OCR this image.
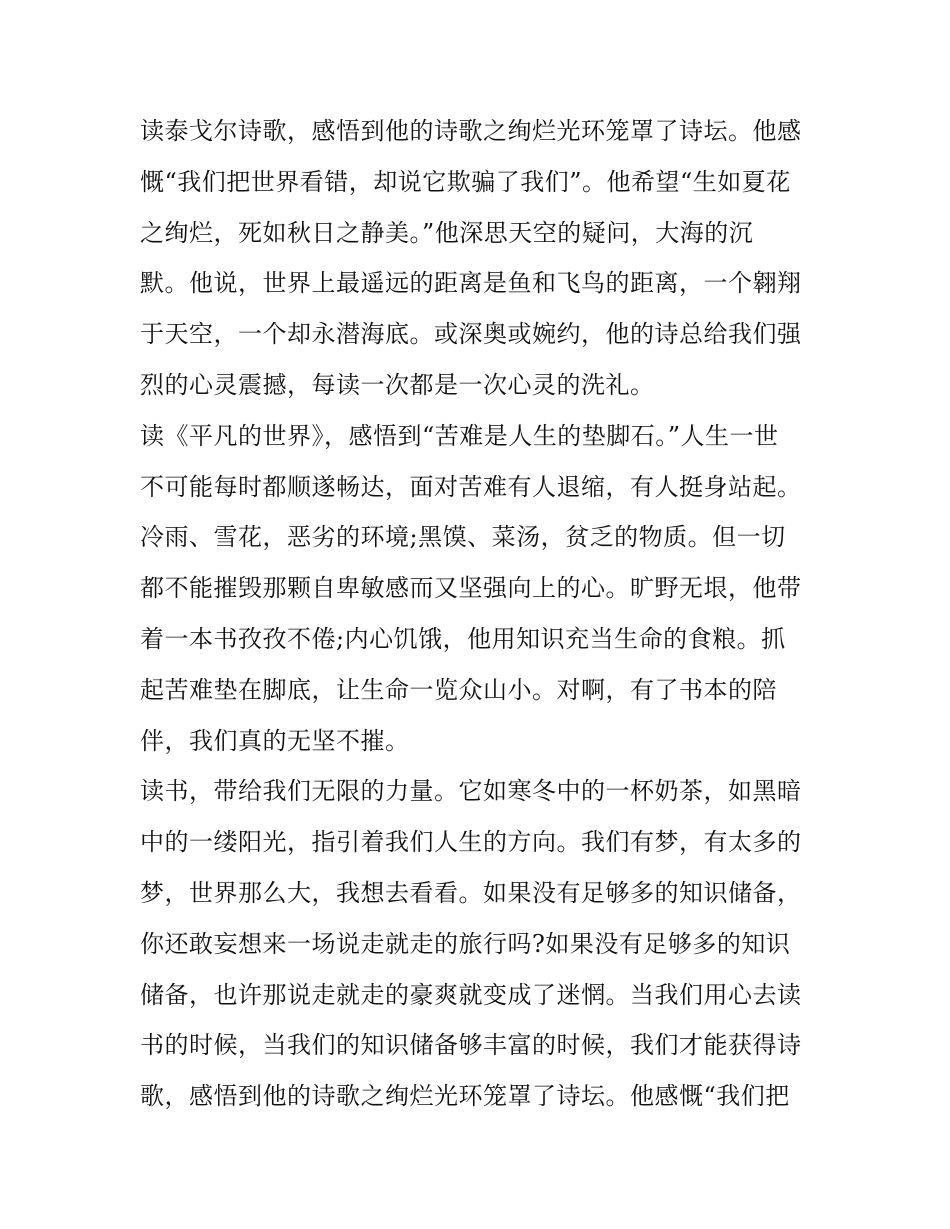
读泰戈尔诗歌，感悟到他的诗歌之绚烂光环笼罩了诗坛。他感
慨“我们把世界看错，却说它欺骗了我们”。他希望“生如夏花
之绚烂，死如秋日之静美。”他深思天空的疑问，大海的沉
默。他说，世界上最遥远的距离是鱼和飞鸟的距离，一个翱翔
于天空，一个却永潜海底。或深奥或婉约，他的诗总给我们强
烈的心灵震撼，每读一次都是一次心灵的洗礼。
读《平凡的世界》，感悟到“苦难是人生的垫脚石。”人生一世
不可能每时都顺遂畅达，面对苦难有人退缩，有人挺身站起。
冷雨、雪花，恶劣的环境;黑馍、菜汤，贫乏的物质。但一切
都不能摧毁那颗自卑敏感而又坚强向上的心。旷野无垠，他带
着一本书孜孜不倦;内心饥饿，他用知识充当生命的食粮。抓
起苦难垫在脚底，让生命一览众山小。对啊，有了书本的陪
伴，我们真的无坚不摧。
读书，带给我们无限的力量。它如寒冬中的一杯奶茶，如黑暗
中的一缕阳光，指引着我们人生的方向。我们有梦，有太多的
梦，世界那么大，我想去看看。如果没有足够多的知识储备，
你还敢妄想来一场说走就走的旅行吗?如果没有足够多的知识
储备，也许那说走就走的豪爽就变成了迷惘。当我们用心去读
书的时候，当我们的知识储备够丰富的时候，我们才能获得诗
歌，感悟到他的诗歌之绚烂光环笼罩了诗坛。他感慨“我们把
